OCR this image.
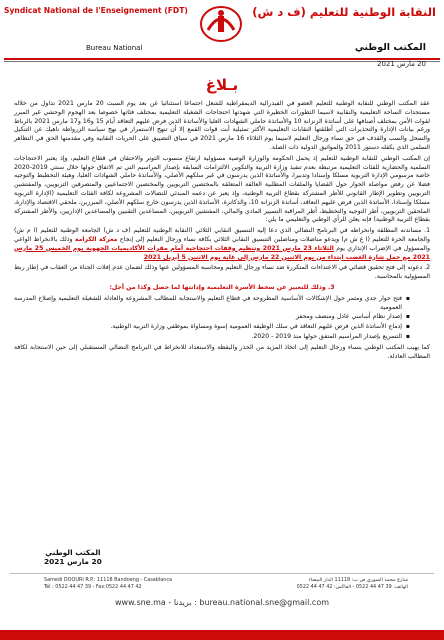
Syndicat National de l'Enseignement (FDT)
Bureau National
النقابة الوطنية للتعليم (ف د ش)
المكتب الوطني
20 مارس 2021
بـلاغ

عقد المكتب الوطني للنقابة الوطنية للتعليم العضو في الفيدرالية الديمقراطية للشغل اجتماعا استثنائيا عن بعد يوم السبت 20 مارس 2021 تداول من خلاله مستجدات الساحة التعليمية والنقابية لاسيما التطورات الخطيرة التي شهدتها احتجاجات الشغيلة التعليمية بمختلف فئاتها خصوصا بعد الهجوم الوحشي غير المبرر لقوات الأمن بمختلف أصنافها على أساتذة الزنزانة 10 والأساتذة حاملي الشهادات العليا والأساتذة الذين فرض عليهم التعاقد أيام 15 و16 و17 مارس 2021 بالرباط ورغم بيانات الإدارة والتحذيرات التي أطلقتها النقابات التعليمية الأكثر تمثيلية أبت قوات القمع إلا أن تنهج الاستمرار في نهج سياسة الزرواطة ناهيك عن التنكيل والسحل والسب والقذف في حق نساء ورجال التعليم لاسيما يوم الثلاثاء 16 مارس 2021 في سياق التضييق على الحريات النقابية وفي مقدمتها الحق في التظاهر السلمي الذي يكفله دستور 2011 والمواثيق الدولية ذات الصلة.

إن المكتب الوطني للنقابة الوطنية للتعليم إذ يحمل الحكومة والوزارة الوصية مسؤولية ارتفاع منسوب التوتر والاحتقان في قطاع التعليم، وإذ يعتبر الاحتجاجات السلمية والحضارية للفئات التعليمية مرتبطة بعدم تنفيذ وزارة التربية والتكوين الالتزامات السابقة بإصدار المراسيم التي تم الاتفاق حولها خلال سنتي 2019-2020 خاصة مرسومي الإدارة التربوية مسلكا وإسنادا وتدبيرا، والأساتذة الذين يدرسون في غير سلكهم الأصلي، والأساتذة حاملي الشهادات العليا، وهيئة التخطيط والتوجيه فضلا عن رفض مواصلة الحوار حول القضايا والملفات المطلبية العالقة المتعلقة بالمختصين التربويين والمختصين الاجتماعيين والمتصرفين التربويين، والمفتشين التربويين وتطوير الإطار القانوني للأطر المشتركة بقطاع التربية الوطنية، وإذ يعبر عن دعمه المبدئي للنضالات المشروعة لكافة الفئات التعليمية (الإدارة التربوية مسلكا وإسنادا، الأساتذة الذين فرض عليهم التعاقد، أساتذة الزنزانة 10، والذكاترة، الأساتذة الذين يدرسون خارج سلكهم الأصلي، المبرزين، ملحقي الاقتصاد والإدارة، الملحقين التربويين، أطر التوجيه والتخطيط، أطر المراقبة التسيير المادي والمالي، المفتشين التربويين، المساعدين التقنيين والمساعدين الإداريين، والأطر المشتركة بقطاع التربية الوطنية) فإنه يعلن للرأي الوطني والتعليمي ما يلي:

1. مساندته المطلقة وانخراطه في البرنامج النضالي الذي دعا إليه التنسيق النقابي الثلاثي (النقابة الوطنية للتعليم (ف د ش) الجامعة الوطنية للتعليم (ا م ش) والجامعة الحرة للتعليم (ا ع ش م) ويدعو مناضلات ومناضلين التنسيق النقابي الثلاثي بكافة نساء ورجال التعليم إلى إنجاح معركة الكرامة وذلك بالانخراط الواعي والمسؤول في الإضراب الإنذاري يوم الثلاثاء 23 مارس 2021 وتنظيم وقفات احتجاجية أمام مقرات الأكاديميات الجهوية يوم الخميس 25 مارس 2021 مع حمل شارة الغضب ابتداء من يوم الاثنين 22 مارس إلى غاية يوم الاثنين 5 أبريل 2021

2. دعوته إلى فتح تحقيق قضائي في الاعتداءات المتكررة ضد نساء ورجال التعليم ومحاسبة المسؤولين عنها وذلك لضمان عدم إفلات الجناة من العقاب في إطار ربط المسؤولية بالمحاسبة.

3. وذلك للتعبير عن سخط الأسرة التعليمية وإدانتها لما حصل وكذا من أجل:

▪ فتح حوار جدي ومثمر حول الإشكالات الأساسية المطروحة في قطاع التعليم والاستجابة للمطالب المشروعة والعادلة للشغيلة التعليمية وإصلاح المدرسة العمومية
▪ إصدار نظام أساسي عادل ومنصف ومحفز
▪ إدماج الأساتذة الذين فرض عليهم التعاقد في سلك الوظيفة العمومية إسوة ومساواة بموظفي وزارة التربية الوطنية.
▪ التسريع بإصدار المراسيم المتفق حولها منذ 2019 - 2020.

كما يهيب المكتب الوطني بنساء ورجال التعليم إلى اتخاذ المزيد من الحذر واليقظة والاستعداد للانخراط في البرنامج النضالي المستقبلي إلى حين الاستجابة لكافة المطالب العادلة.

المكتب الوطني
20 مارس 2021
Samedi DOOURI R.P.: 11118 Bandoeng - Casablanca
Tél : 0522 44 47 39 - Fax:0522 44 47 42
شارع محمد السوري ص ب: 11118 الدار البيضاء
الهاتف: 39 47 44 0522 - الفاكس: 42 47 44 0522
www.sne.ma - بريدنا : bureau.national.sne@gmail.com
